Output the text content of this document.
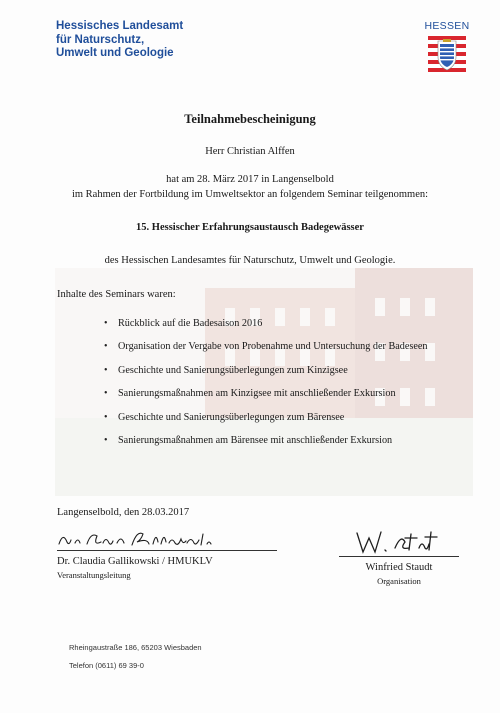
Hessisches Landesamt
für Naturschutz,
Umwelt und Geologie
HESSEN
Teilnahmebescheinigung
Herr Christian Alffen
hat am 28. März 2017 in Langenselbold
im Rahmen der Fortbildung im Umweltsektor an folgendem Seminar teilgenommen:
15. Hessischer Erfahrungsaustausch Badegewässer
des Hessischen Landesamtes für Naturschutz, Umwelt und Geologie.
Inhalte des Seminars waren:
• Rückblick auf die Badesaison 2016
• Organisation der Vergabe von Probenahme und Untersuchung der Badeseen
• Geschichte und Sanierungsüberlegungen zum Kinzigsee
• Sanierungsmaßnahmen am Kinzigsee mit anschließender Exkursion
• Geschichte und Sanierungsüberlegungen zum Bärensee
• Sanierungsmaßnahmen am Bärensee mit anschließender Exkursion
Langenselbold, den 28.03.2017
Dr. Claudia Gallikowski / HMUKLV
Veranstaltungsleitung
Winfried Staudt
Organisation
Rheingaustraße 186, 65203 Wiesbaden
Telefon (0611) 69 39-0
